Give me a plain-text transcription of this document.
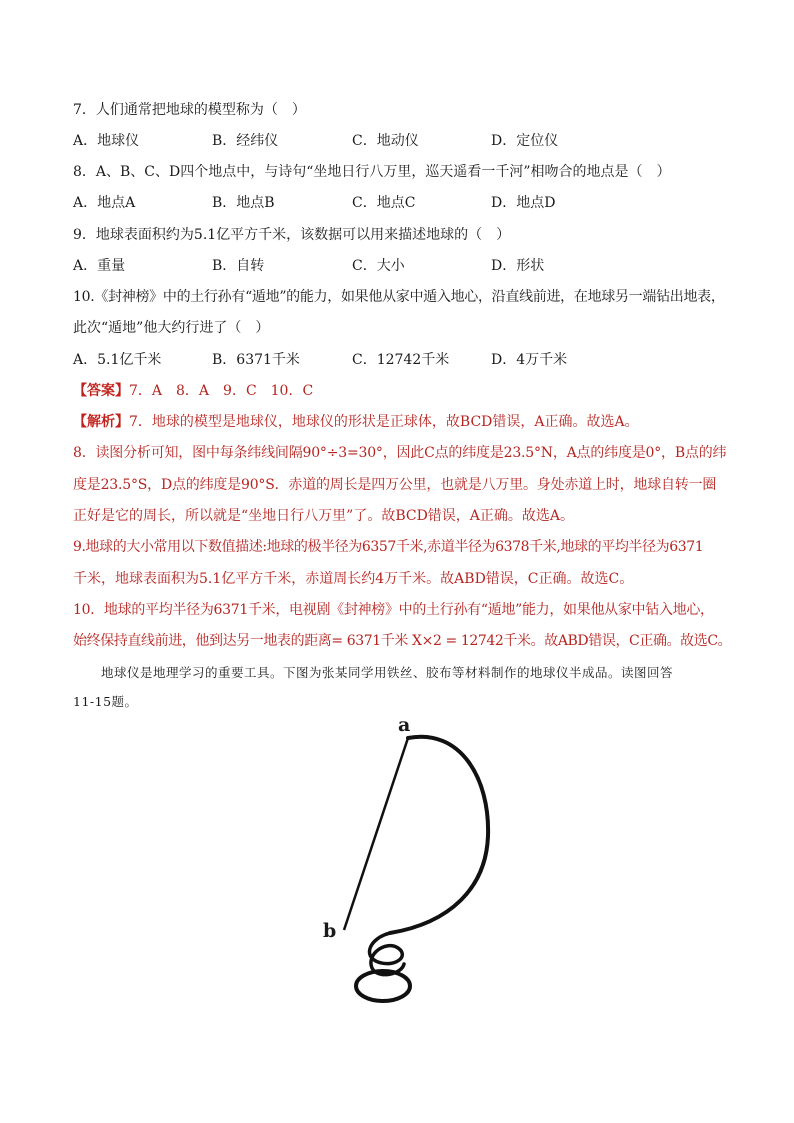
7．人们通常把地球的模型称为（　）
A．地球仪	B．经纬仪	C．地动仪	D．定位仪
8．A、B、C、D四个地点中，与诗句“坐地日行八万里，巡天遥看一千河”相吻合的地点是（　）
A．地点A	B．地点B	C．地点C	D．地点D
9．地球表面积约为5.1亿平方千米，该数据可以用来描述地球的（　）
A．重量	B．自转	C．大小	D．形状
10.《封神榜》中的土行孙有“遁地”的能力，如果他从家中遁入地心，沿直线前进，在地球另一端钻出地表，
此次“遁地”他大约行进了（　）
A．5.1亿千米	B．6371千米	C．12742千米	D．4万千米
【答案】7．A　8．A　9．C　10．C
【解析】7．地球的模型是地球仪，地球仪的形状是正球体，故BCD错误，A正确。故选A。
8．读图分析可知，图中每条纬线间隔90°÷3=30°，因此C点的纬度是23.5°N，A点的纬度是0°，B点的纬
度是23.5°S，D点的纬度是90°S．赤道的周长是四万公里，也就是八万里。身处赤道上时，地球自转一圈
正好是它的周长，所以就是“坐地日行八万里”了。故BCD错误，A正确。故选A。
9.地球的大小常用以下数值描述:地球的极半径为6357千米,赤道半径为6378千米,地球的平均半径为6371
千米，地球表面积为5.1亿平方千米，赤道周长约4万千米。故ABD错误，C正确。故选C。
10．地球的平均半径为6371千米，电视剧《封神榜》中的土行孙有“遁地”能力，如果他从家中钻入地心，
始终保持直线前进，他到达另一地表的距离= 6371千米 X×2 = 12742千米。故ABD错误，C正确。故选C。
地球仪是地理学习的重要工具。下图为张某同学用铁丝、胶布等材料制作的地球仪半成品。读图回答
11-15题。
a
b
